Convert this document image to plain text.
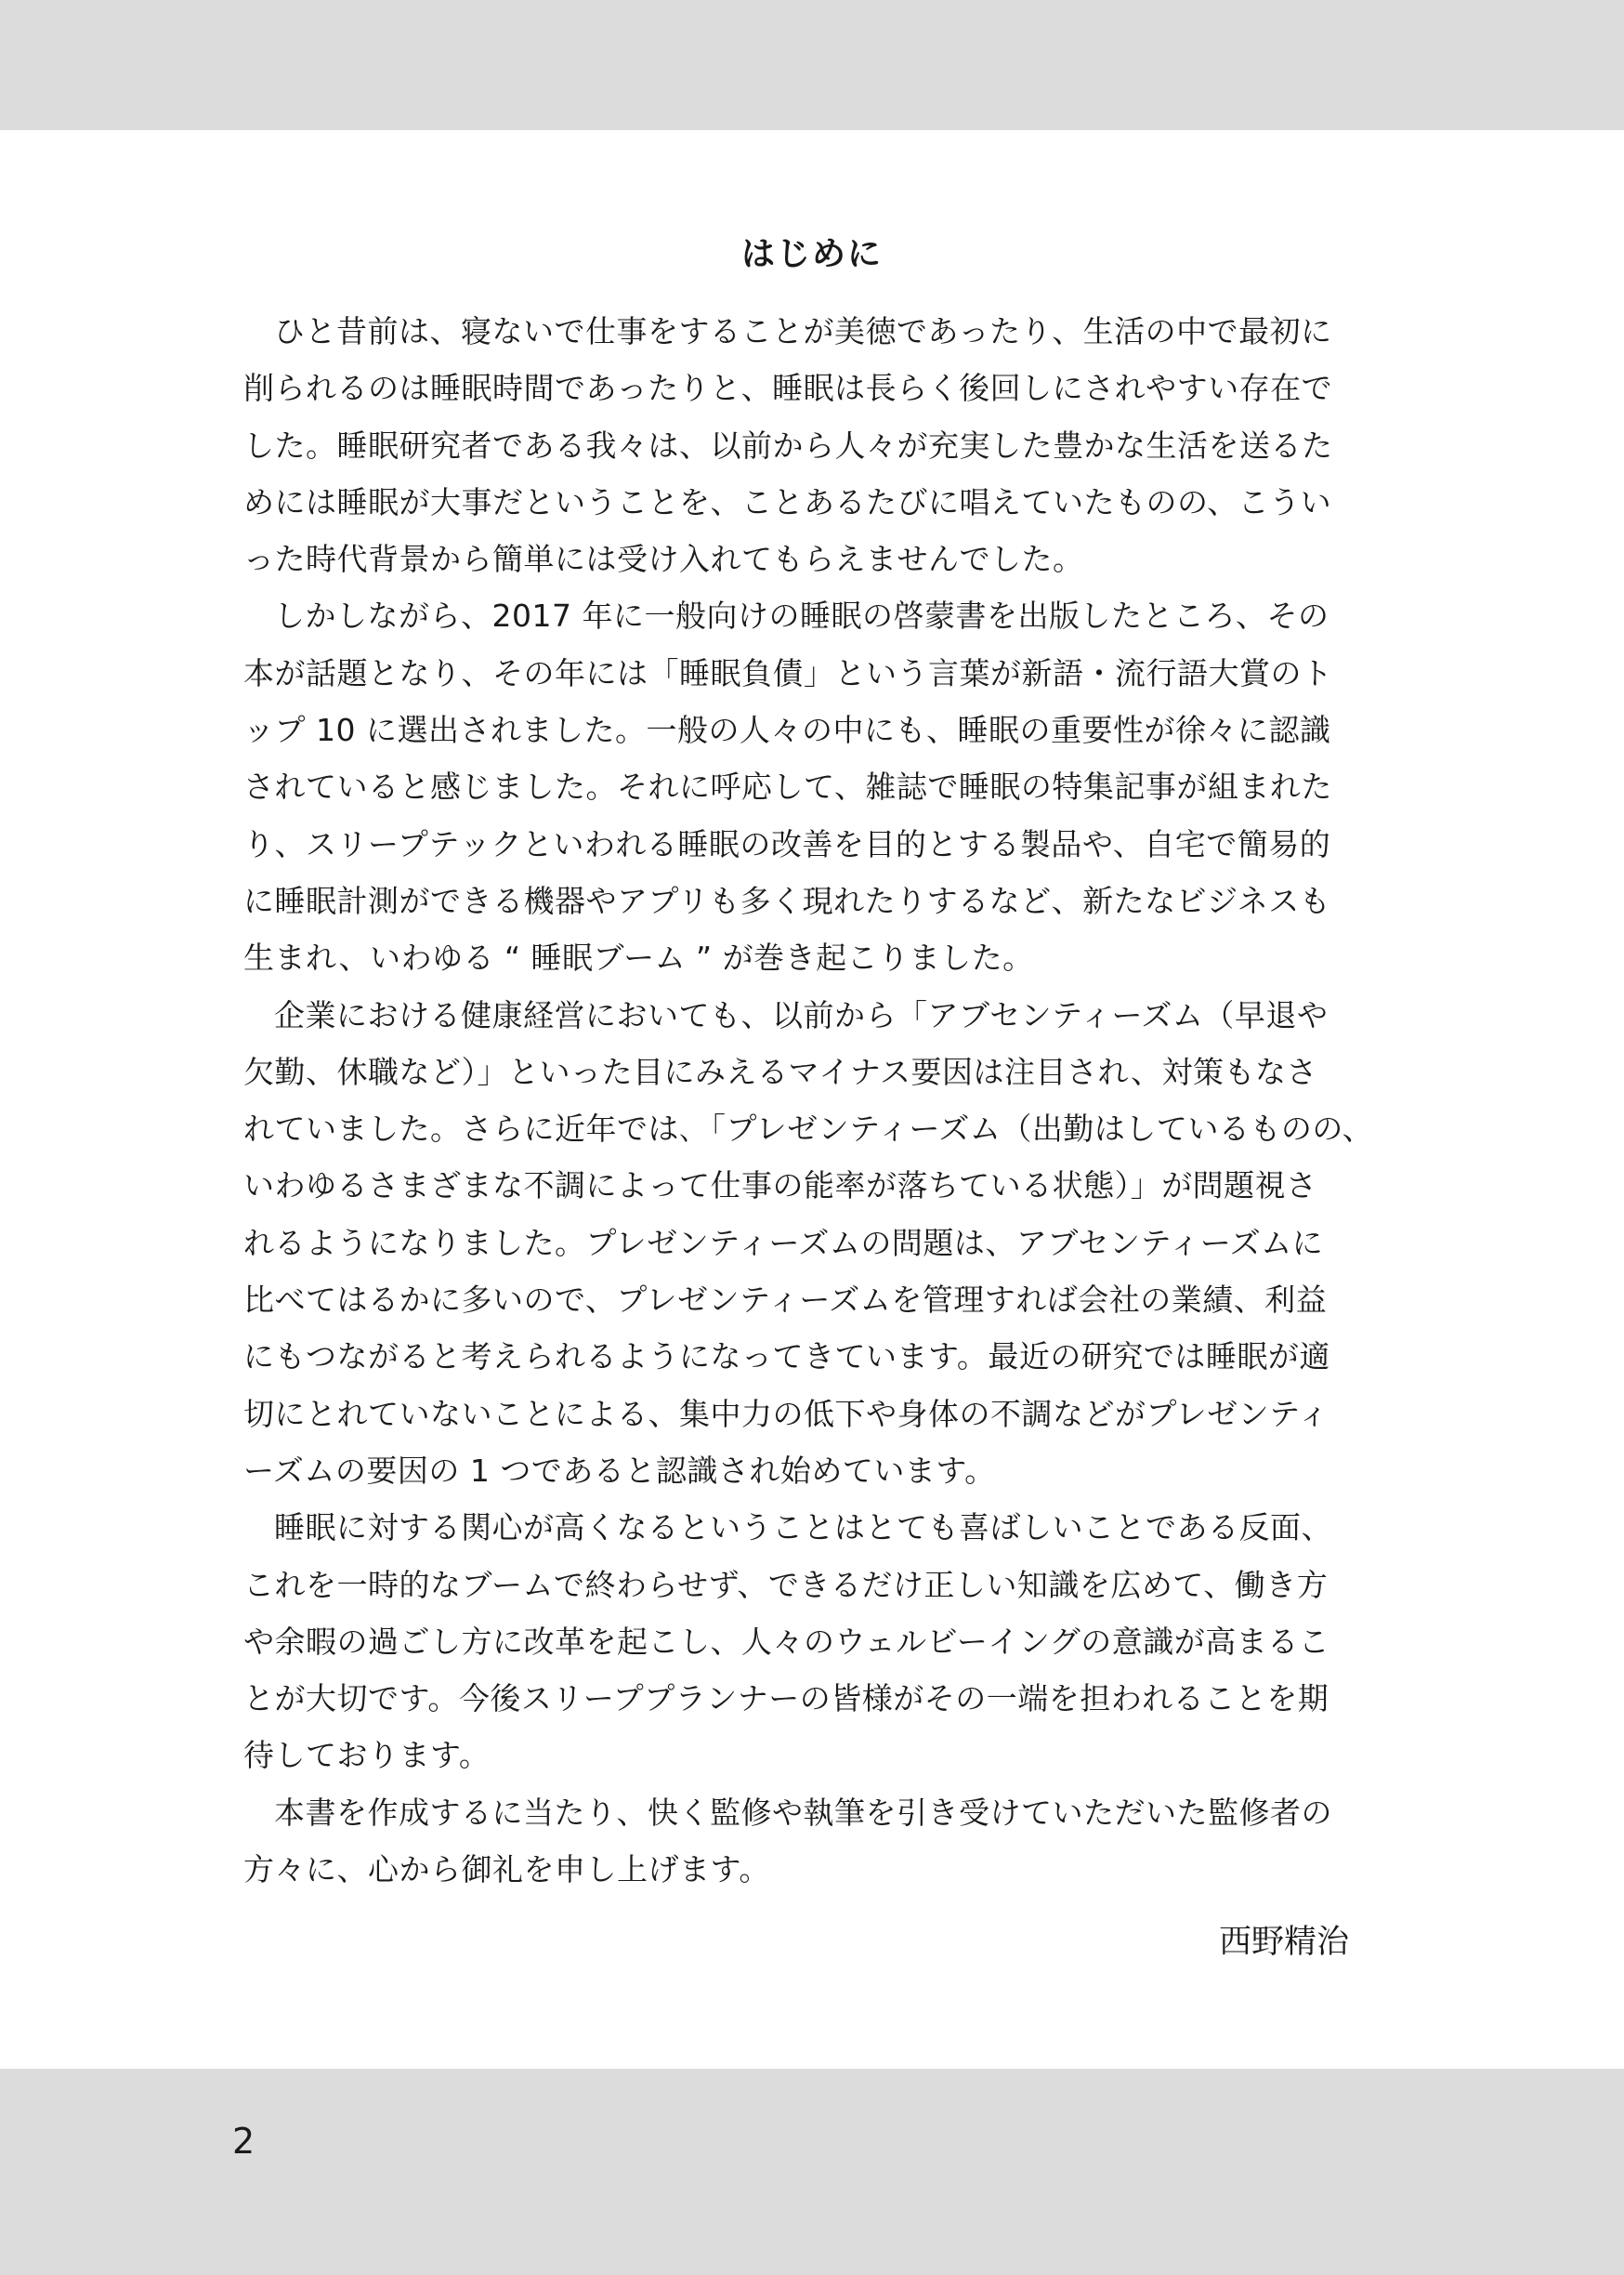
はじめに

ひと昔前は、寝ないで仕事をすることが美徳であったり、生活の中で最初に
削られるのは睡眠時間であったりと、睡眠は長らく後回しにされやすい存在で
した。睡眠研究者である我々は、以前から人々が充実した豊かな生活を送るた
めには睡眠が大事だということを、ことあるたびに唱えていたものの、こうい
った時代背景から簡単には受け入れてもらえませんでした。

しかしながら、2017 年に一般向けの睡眠の啓蒙書を出版したところ、その
本が話題となり、その年には「睡眠負債」という言葉が新語・流行語大賞のト
ップ 10 に選出されました。一般の人々の中にも、睡眠の重要性が徐々に認識
されていると感じました。それに呼応して、雑誌で睡眠の特集記事が組まれた
り、スリープテックといわれる睡眠の改善を目的とする製品や、自宅で簡易的
に睡眠計測ができる機器やアプリも多く現れたりするなど、新たなビジネスも
生まれ、いわゆる “ 睡眠ブーム ” が巻き起こりました。

企業における健康経営においても、以前から「アブセンティーズム（早退や
欠勤、休職など）」といった目にみえるマイナス要因は注目され、対策もなさ
れていました。さらに近年では､「プレゼンティーズム（出勤はしているものの、
いわゆるさまざまな不調によって仕事の能率が落ちている状態）」が問題視さ
れるようになりました。プレゼンティーズムの問題は、アブセンティーズムに
比べてはるかに多いので、プレゼンティーズムを管理すれば会社の業績、利益
にもつながると考えられるようになってきています。最近の研究では睡眠が適
切にとれていないことによる、集中力の低下や身体の不調などがプレゼンティ
ーズムの要因の 1 つであると認識され始めています。

睡眠に対する関心が高くなるということはとても喜ばしいことである反面、
これを一時的なブームで終わらせず、できるだけ正しい知識を広めて、働き方
や余暇の過ごし方に改革を起こし、人々のウェルビーイングの意識が高まるこ
とが大切です。今後スリーププランナーの皆様がその一端を担われることを期
待しております。

本書を作成するに当たり、快く監修や執筆を引き受けていただいた監修者の
方々に、心から御礼を申し上げます。

西野精治
2
